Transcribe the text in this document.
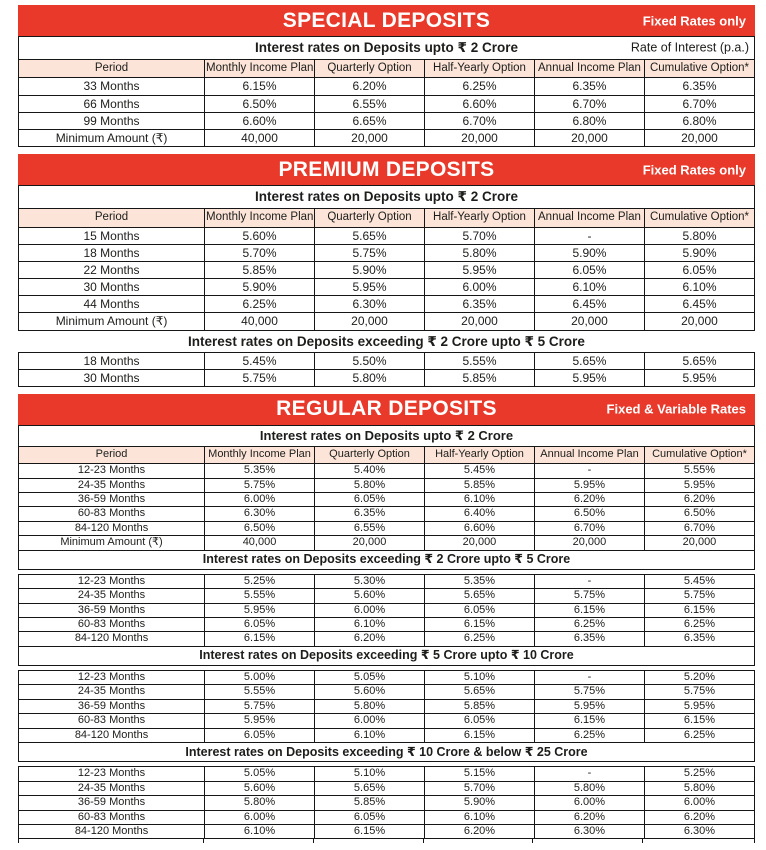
SPECIAL DEPOSITS	Fixed Rates only
Interest rates on Deposits upto ₹ 2 Crore Rate of Interest (p.a.)					

Period	Monthly Income Plan	Quarterly Option	Half-Yearly Option	Annual Income Plan	Cumulative Option*
33 Months	6.15%	6.20%	6.25%	6.35%	6.35%
66 Months	6.50%	6.55%	6.60%	6.70%	6.70%
99 Months	6.60%	6.65%	6.70%	6.80%	6.80%
Minimum Amount (₹)	40,000	20,000	20,000	20,000	20,000
PREMIUM DEPOSITS	Fixed Rates only
Interest rates on Deposits upto ₹ 2 Crore					
Period	Monthly Income Plan	Quarterly Option	Half-Yearly Option	Annual Income Plan	Cumulative Option*
15 Months	5.60%	5.65%	5.70%	-	5.80%
18 Months	5.70%	5.75%	5.80%	5.90%	5.90%
22 Months	5.85%	5.90%	5.95%	6.05%	6.05%
30 Months	5.90%	5.95%	6.00%	6.10%	6.10%
44 Months	6.25%	6.30%	6.35%	6.45%	6.45%
Minimum Amount (₹)	40,000	20,000	20,000	20,000	20,000
Interest rates on Deposits exceeding ₹ 2 Crore upto ₹ 5 Crore
18 Months	5.45%	5.50%	5.55%	5.65%	5.65%
30 Months	5.75%	5.80%	5.85%	5.95%	5.95%
REGULAR DEPOSITS	Fixed & Variable Rates
Interest rates on Deposits upto ₹ 2 Crore					
Period	Monthly Income Plan	Quarterly Option	Half-Yearly Option	Annual Income Plan	Cumulative Option*
12-23 Months	5.35%	5.40%	5.45%	-	5.55%
24-35 Months	5.75%	5.80%	5.85%	5.95%	5.95%
36-59 Months	6.00%	6.05%	6.10%	6.20%	6.20%
60-83 Months	6.30%	6.35%	6.40%	6.50%	6.50%
84-120 Months	6.50%	6.55%	6.60%	6.70%	6.70%
Minimum Amount (₹)	40,000	20,000	20,000	20,000	20,000
Interest rates on Deposits exceeding ₹ 2 Crore upto ₹ 5 Crore					
12-23 Months	5.25%	5.30%	5.35%	-	5.45%
24-35 Months	5.55%	5.60%	5.65%	5.75%	5.75%
36-59 Months	5.95%	6.00%	6.05%	6.15%	6.15%
60-83 Months	6.05%	6.10%	6.15%	6.25%	6.25%
84-120 Months	6.15%	6.20%	6.25%	6.35%	6.35%
Interest rates on Deposits exceeding ₹ 5 Crore upto ₹ 10 Crore					
12-23 Months	5.00%	5.05%	5.10%	-	5.20%
24-35 Months	5.55%	5.60%	5.65%	5.75%	5.75%
36-59 Months	5.75%	5.80%	5.85%	5.95%	5.95%
60-83 Months	5.95%	6.00%	6.05%	6.15%	6.15%
84-120 Months	6.05%	6.10%	6.15%	6.25%	6.25%
Interest rates on Deposits exceeding ₹ 10 Crore & below ₹ 25 Crore					
12-23 Months	5.05%	5.10%	5.15%	-	5.25%
24-35 Months	5.60%	5.65%	5.70%	5.80%	5.80%
36-59 Months	5.80%	5.85%	5.90%	6.00%	6.00%
60-83 Months	6.00%	6.05%	6.10%	6.20%	6.20%
84-120 Months	6.10%	6.15%	6.20%	6.30%	6.30%
